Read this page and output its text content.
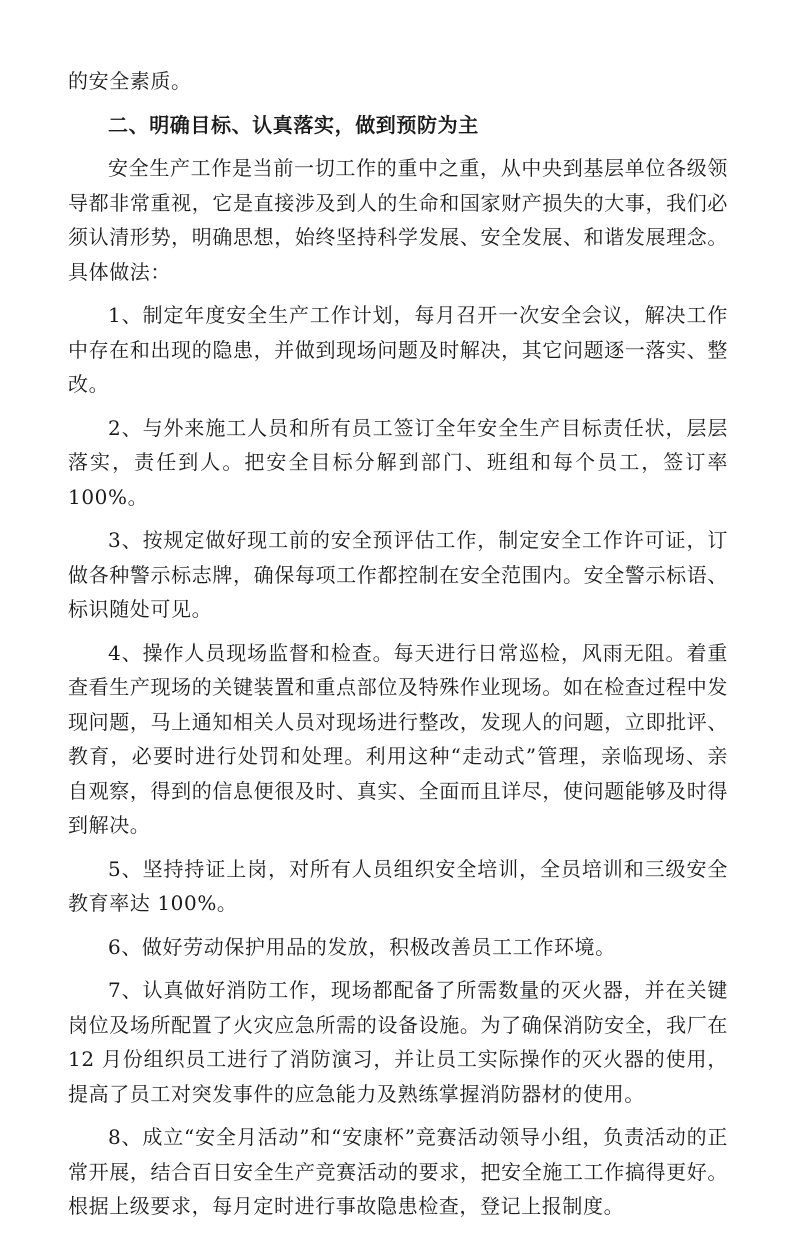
的安全素质。

二、明确目标、认真落实，做到预防为主

安全生产工作是当前一切工作的重中之重，从中央到基层单位各级领导都非常重视，它是直接涉及到人的生命和国家财产损失的大事，我们必须认清形势，明确思想，始终坚持科学发展、安全发展、和谐发展理念。具体做法：

1、制定年度安全生产工作计划，每月召开一次安全会议，解决工作中存在和出现的隐患，并做到现场问题及时解决，其它问题逐一落实、整改。

2、与外来施工人员和所有员工签订全年安全生产目标责任状，层层落实，责任到人。把安全目标分解到部门、班组和每个员工，签订率 100%。

3、按规定做好现工前的安全预评估工作，制定安全工作许可证，订做各种警示标志牌，确保每项工作都控制在安全范围内。安全警示标语、标识随处可见。

4、操作人员现场监督和检查。每天进行日常巡检，风雨无阻。着重查看生产现场的关键装置和重点部位及特殊作业现场。如在检查过程中发现问题，马上通知相关人员对现场进行整改，发现人的问题，立即批评、教育，必要时进行处罚和处理。利用这种“走动式”管理，亲临现场、亲自观察，得到的信息便很及时、真实、全面而且详尽，使问题能够及时得到解决。

5、坚持持证上岗，对所有人员组织安全培训，全员培训和三级安全教育率达 100%。

6、做好劳动保护用品的发放，积极改善员工工作环境。

7、认真做好消防工作，现场都配备了所需数量的灭火器，并在关键岗位及场所配置了火灾应急所需的设备设施。为了确保消防安全，我厂在 12 月份组织员工进行了消防演习，并让员工实际操作的灭火器的使用，提高了员工对突发事件的应急能力及熟练掌握消防器材的使用。

8、成立“安全月活动”和“安康杯”竞赛活动领导小组，负责活动的正常开展，结合百日安全生产竞赛活动的要求，把安全施工工作搞得更好。根据上级要求，每月定时进行事故隐患检查，登记上报制度。
